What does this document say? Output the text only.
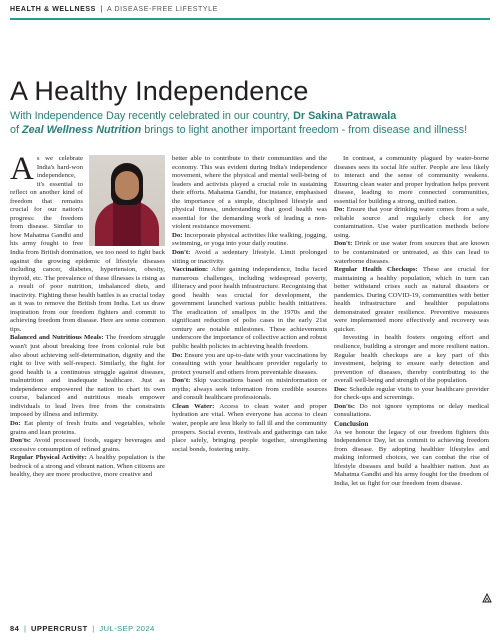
HEALTH & WELLNESS | A DISEASE-FREE LIFESTYLE
A Healthy Independence

With Independence Day recently celebrated in our country, Dr Sakina Patrawala
of Zeal Wellness Nutrition brings to light another important freedom - from disease and illness!

As we celebrate India's hard-won independence, it's essential to reflect on another kind of freedom that remains crucial for our nation's progress: the freedom from disease. Similar to how Mahatma Gandhi and his army fought to free India from British domination, we too need to fight back against the growing epidemic of lifestyle diseases including cancer, diabetes, hypertension, obesity, thyroid, etc. The prevalence of these illnesses is rising as a result of poor nutrition, imbalanced diets, and inactivity. Fighting these health battles is as crucial today as it was to remove the British from India. Let us draw inspiration from our freedom fighters and commit to achieving freedom from disease. Here are some common tips.

Balanced and Nutritious Meals: The freedom struggle wasn't just about breaking free from colonial rule but also about achieving self-determination, dignity and the right to live with self-respect. Similarly, the fight for good health is a continuous struggle against diseases, malnutrition and inadequate healthcare. Just as independence empowered the nation to chart its own course, balanced and nutritious meals empower individuals to lead lives free from the constraints imposed by illness and infirmity.

Do: Eat plenty of fresh fruits and vegetables, whole grains and lean proteins.

Don'ts: Avoid processed foods, sugary beverages and excessive consumption of refined grains.

Regular Physical Activity: A healthy population is the bedrock of a strong and vibrant nation. When citizens are healthy, they are more productive, more creative and

better able to contribute to their communities and the economy. This was evident during India's independence movement, where the physical and mental well-being of leaders and activists played a crucial role in sustaining their efforts. Mahatma Gandhi, for instance, emphasised the importance of a simple, disciplined lifestyle and physical fitness, understanding that good health was essential for the demanding work of leading a non-violent resistance movement.

Do: Incorporate physical activities like walking, jogging, swimming, or yoga into your daily routine.

Don't: Avoid a sedentary lifestyle. Limit prolonged sitting or inactivity.

Vaccination: After gaining independence, India faced numerous challenges, including widespread poverty, illiteracy and poor health infrastructure. Recognising that good health was crucial for development, the government launched various public health initiatives. The eradication of smallpox in the 1970s and the significant reduction of polio cases in the early 21st century are notable milestones. These achievements underscore the importance of collective action and robust public health policies in achieving health freedom.

Do: Ensure you are up-to-date with your vaccinations by consulting with your healthcare provider regularly to protect yourself and others from preventable diseases.

Don't: Skip vaccinations based on misinformation or myths; always seek information from credible sources and consult healthcare professionals.

Clean Water: Access to clean water and proper hydration are vital. When everyone has access to clean water, people are less likely to fall ill and the community prospers. Social events, festivals and gatherings can take place safely, bringing people together, strengthening social bonds, fostering unity.

In contrast, a community plagued by water-borne diseases sees its social life suffer. People are less likely to interact and the sense of community weakens. Ensuring clean water and proper hydration helps prevent disease, leading to more connected communities, essential for building a strong, unified nation.

Do: Ensure that your drinking water comes from a safe, reliable source and regularly check for any contamination. Use water purification methods before using.

Don't: Drink or use water from sources that are known to be contaminated or untreated, as this can lead to waterborne diseases.

Regular Health Checkups: These are crucial for maintaining a healthy population, which in turn can better withstand crises such as natural disasters or pandemics. During COVID-19, communities with better health infrastructure and healthier populations demonstrated greater resilience. Preventive measures were implemented more effectively and recovery was quicker.

Investing in health fosters ongoing effort and resilience, building a stronger and more resilient nation. Regular health checkups are a key part of this investment, helping to ensure early detection and prevention of diseases, thereby contributing to the overall well-being and strength of the population.

Dos: Schedule regular visits to your healthcare provider for check-ups and screenings.

Don'ts: Do not ignore symptoms or delay medical consultations.

Conclusion

As we honour the legacy of our freedom fighters this Independence Day, let us commit to achieving freedom from disease. By adopting healthier lifestyles and making informed choices, we can combat the rise of lifestyle diseases and build a healthier nation. Just as Mahatma Gandhi and his army fought for the freedom of India, let us fight for our freedom from disease.

84 | UPPERCRUST | JUL-SEP 2024
